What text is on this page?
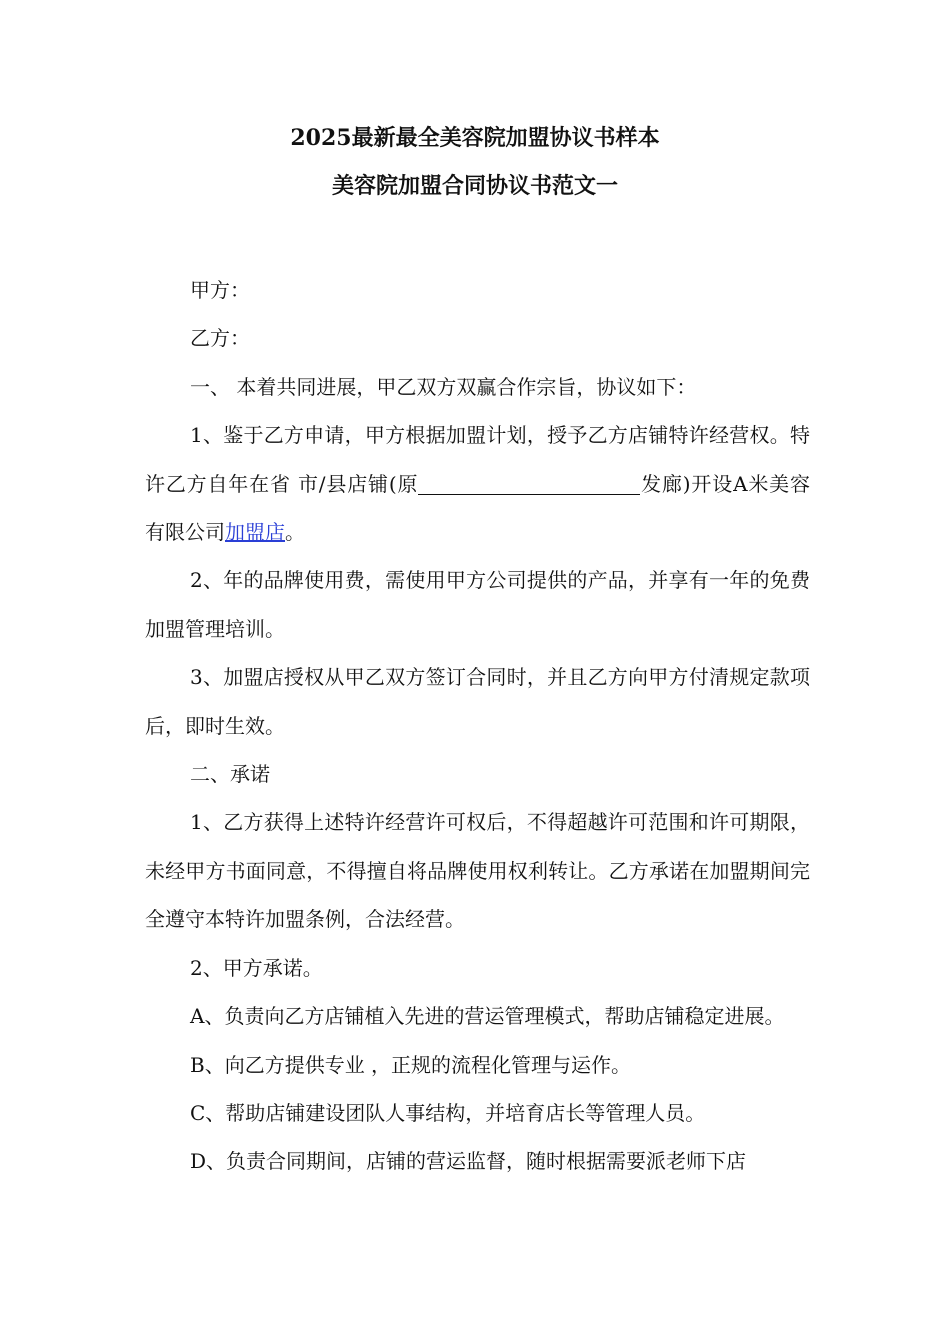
2025最新最全美容院加盟协议书样本
美容院加盟合同协议书范文一

甲方：

乙方：

一、 本着共同进展，甲乙双方双赢合作宗旨，协议如下：

1、鉴于乙方申请，甲方根据加盟计划，授予乙方店铺特许经营权。特许乙方自年在省 市/县店铺(原	发廊)开设A米美容有限公司加盟店。

2、年的品牌使用费，需使用甲方公司提供的产品，并享有一年的免费加盟管理培训。

3、加盟店授权从甲乙双方签订合同时，并且乙方向甲方付清规定款项后，即时生效。

二、承诺

1、乙方获得上述特许经营许可权后，不得超越许可范围和许可期限，未经甲方书面同意，不得擅自将品牌使用权利转让。乙方承诺在加盟期间完全遵守本特许加盟条例，合法经营。

2、甲方承诺。

A、负责向乙方店铺植入先进的营运管理模式，帮助店铺稳定进展。

B、向乙方提供专业 ，正规的流程化管理与运作。

C、帮助店铺建设团队人事结构，并培育店长等管理人员。

D、负责合同期间，店铺的营运监督，随时根据需要派老师下店
